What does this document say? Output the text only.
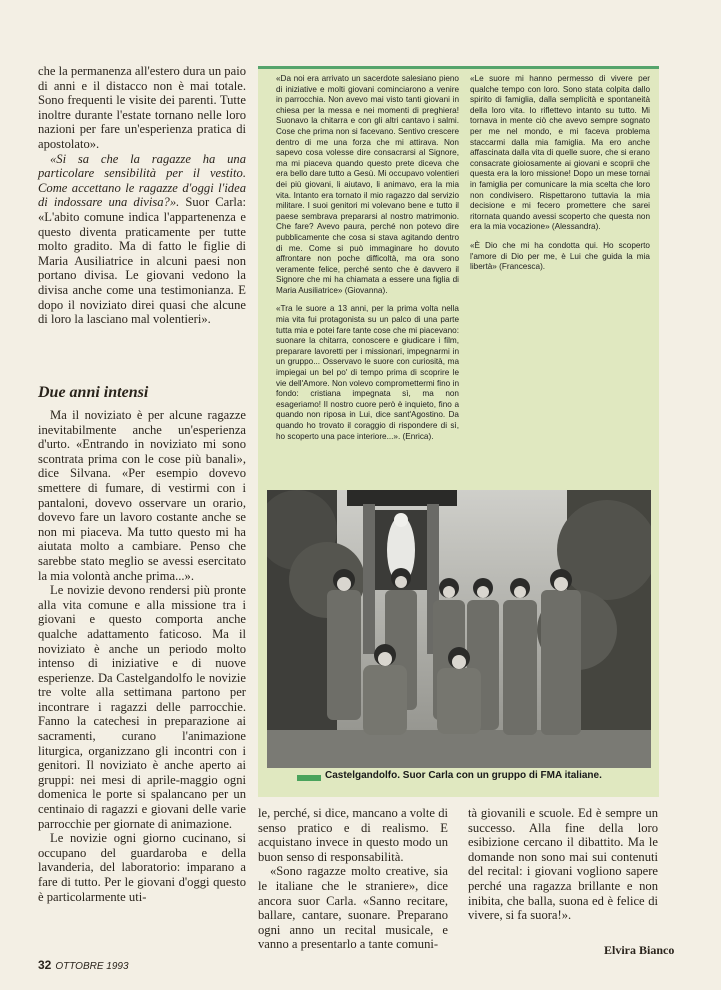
che la permanenza all'estero dura un paio di anni e il distacco non è mai totale. Sono frequenti le visite dei parenti. Tutte inoltre durante l'estate tornano nelle loro nazioni per fare un'esperienza pratica di apostolato».

«Si sa che la ragazze ha una particolare sensibilità per il vestito. Come accettano le ragazze d'oggi l'idea di indossare una divisa?». Suor Carla: «L'abito comune indica l'appartenenza e questo diventa praticamente per tutte molto gradito. Ma di fatto le figlie di Maria Ausiliatrice in alcuni paesi non portano divisa. Le giovani vedono la divisa anche come una testimonianza. E dopo il noviziato direi quasi che alcune di loro la lasciano mal volentieri».

Due anni intensi

Ma il noviziato è per alcune ragazze inevitabilmente anche un'esperienza d'urto. «Entrando in noviziato mi sono scontrata prima con le cose più banali», dice Silvana. «Per esempio dovevo smettere di fumare, di vestirmi con i pantaloni, dovevo osservare un orario, dovevo fare un lavoro costante anche se non mi piaceva. Ma tutto questo mi ha aiutata molto a cambiare. Penso che sarebbe stato meglio se avessi esercitato la mia volontà anche prima...».

Le novizie devono rendersi più pronte alla vita comune e alla missione tra i giovani e questo comporta anche qualche adattamento faticoso. Ma il noviziato è anche un periodo molto intenso di iniziative e di nuove esperienze. Da Castelgandolfo le novizie tre volte alla settimana partono per incontrare i ragazzi delle parrocchie. Fanno la catechesi in preparazione ai sacramenti, curano l'animazione liturgica, organizzano gli incontri con i genitori. Il noviziato è anche aperto ai gruppi: nei mesi di aprile-maggio ogni domenica le porte si spalancano per un centinaio di ragazzi e giovani delle varie parrocchie per giornate di animazione.

Le novizie ogni giorno cucinano, si occupano del guardaroba e della lavanderia, del laboratorio: imparano a fare di tutto. Per le giovani d'oggi questo è particolarmente uti-

«Da noi era arrivato un sacerdote salesiano pieno di iniziative e molti giovani cominciarono a venire in parrocchia. Non avevo mai visto tanti giovani in chiesa per la messa e nei momenti di preghiera! Suonavo la chitarra e con gli altri cantavo i salmi. Cose che prima non si facevano. Sentivo crescere dentro di me una forza che mi attirava. Non sapevo cosa volesse dire consacrarsi al Signore, ma mi piaceva quando questo prete diceva che era bello dare tutto a Gesù. Mi occupavo volentieri dei più giovani, li aiutavo, li animavo, era la mia vita. Intanto era tornato il mio ragazzo dal servizio militare. I suoi genitori mi volevano bene e tutto il paese sembrava prepararsi al nostro matrimonio. Che fare? Avevo paura, perché non potevo dire pubblicamente che cosa si stava agitando dentro di me. Come si può immaginare ho dovuto affrontare non poche difficoltà, ma ora sono veramente felice, perché sento che è davvero il Signore che mi ha chiamata a essere una figlia di Maria Ausiliatrice» (Giovanna).

«Tra le suore a 13 anni, per la prima volta nella mia vita fui protagonista su un palco di una parte tutta mia e potei fare tante cose che mi piacevano: suonare la chitarra, conoscere e giudicare i film, preparare lavoretti per i missionari, impegnarmi in un gruppo... Osservavo le suore con curiosità, ma impiegai un bel po' di tempo prima di scoprire le vie dell'Amore. Non volevo compromettermi fino in fondo: cristiana impegnata sì, ma non esageriamo! Il nostro cuore però è inquieto, fino a quando non riposa in Lui, dice sant'Agostino. Da quando ho trovato il coraggio di rispondere di sì, ho scoperto una pace interiore...». (Enrica).

«Le suore mi hanno permesso di vivere per qualche tempo con loro. Sono stata colpita dallo spirito di famiglia, dalla semplicità e spontaneità della loro vita. Io riflettevo intanto su tutto. Mi tornava in mente ciò che avevo sempre sognato per me nel mondo, e mi faceva problema staccarmi dalla mia famiglia. Ma ero anche affascinata dalla vita di quelle suore, che si erano consacrate gioiosamente ai giovani e scoprii che questa era la loro missione! Dopo un mese tornai in famiglia per comunicare la mia scelta che loro non condivisero. Rispettarono tuttavia la mia decisione e mi fecero promettere che sarei ritornata quando avessi scoperto che questa non era la mia vocazione» (Alessandra).

«È Dio che mi ha condotta qui. Ho scoperto l'amore di Dio per me, è Lui che guida la mia libertà» (Francesca).

Castelgandolfo. Suor Carla con un gruppo di FMA italiane.

le, perché, si dice, mancano a volte di senso pratico e di realismo. E acquistano invece in questo modo un buon senso di responsabilità.

«Sono ragazze molto creative, sia le italiane che le straniere», dice ancora suor Carla. «Sanno recitare, ballare, cantare, suonare. Preparano ogni anno un recital musicale, e vanno a presentarlo a tante comuni-

tà giovanili e scuole. Ed è sempre un successo. Alla fine della loro esibizione cercano il dibattito. Ma le domande non sono mai sui contenuti del recital: i giovani vogliono sapere perché una ragazza brillante e non inibita, che balla, suona ed è felice di vivere, si fa suora!».

Elvira Bianco
32 OTTOBRE 1993
